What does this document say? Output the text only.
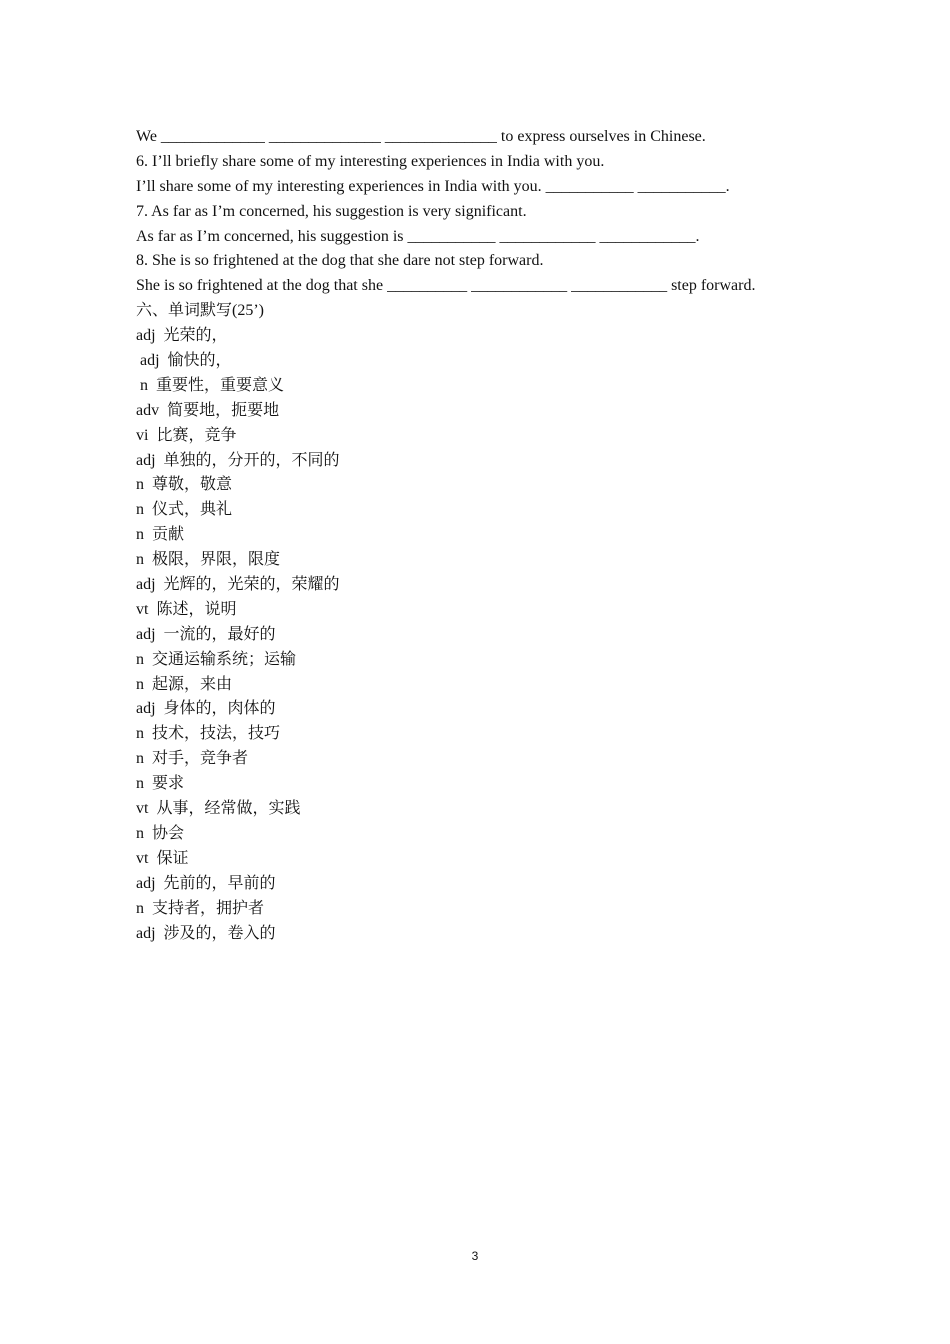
We _____________ ______________ ______________ to express ourselves in Chinese.
6. I’ll briefly share some of my interesting experiences in India with you.
I’ll share some of my interesting experiences in India with you. ___________ ___________.
7. As far as I’m concerned, his suggestion is very significant.
As far as I’m concerned, his suggestion is ___________ ____________ ____________.
8. She is so frightened at the dog that she dare not step forward.
She is so frightened at the dog that she __________ ____________ ____________ step forward.
六、单词默写(25’)
adj  光荣的，
adj  愉快的，
n  重要性，重要意义
adv  简要地，扼要地
vi  比赛，竞争
adj  单独的，分开的，不同的
n  尊敬，敬意
n  仪式，典礼
n  贡献
n  极限，界限，限度
adj  光辉的，光荣的，荣耀的
vt  陈述，说明
adj  一流的，最好的
n  交通运输系统；运输
n  起源，来由
adj  身体的，肉体的
n  技术，技法，技巧
n  对手，竞争者
n  要求
vt  从事，经常做，实践
n  协会
vt  保证
adj  先前的，早前的
n  支持者，拥护者
adj  涉及的，卷入的
3
